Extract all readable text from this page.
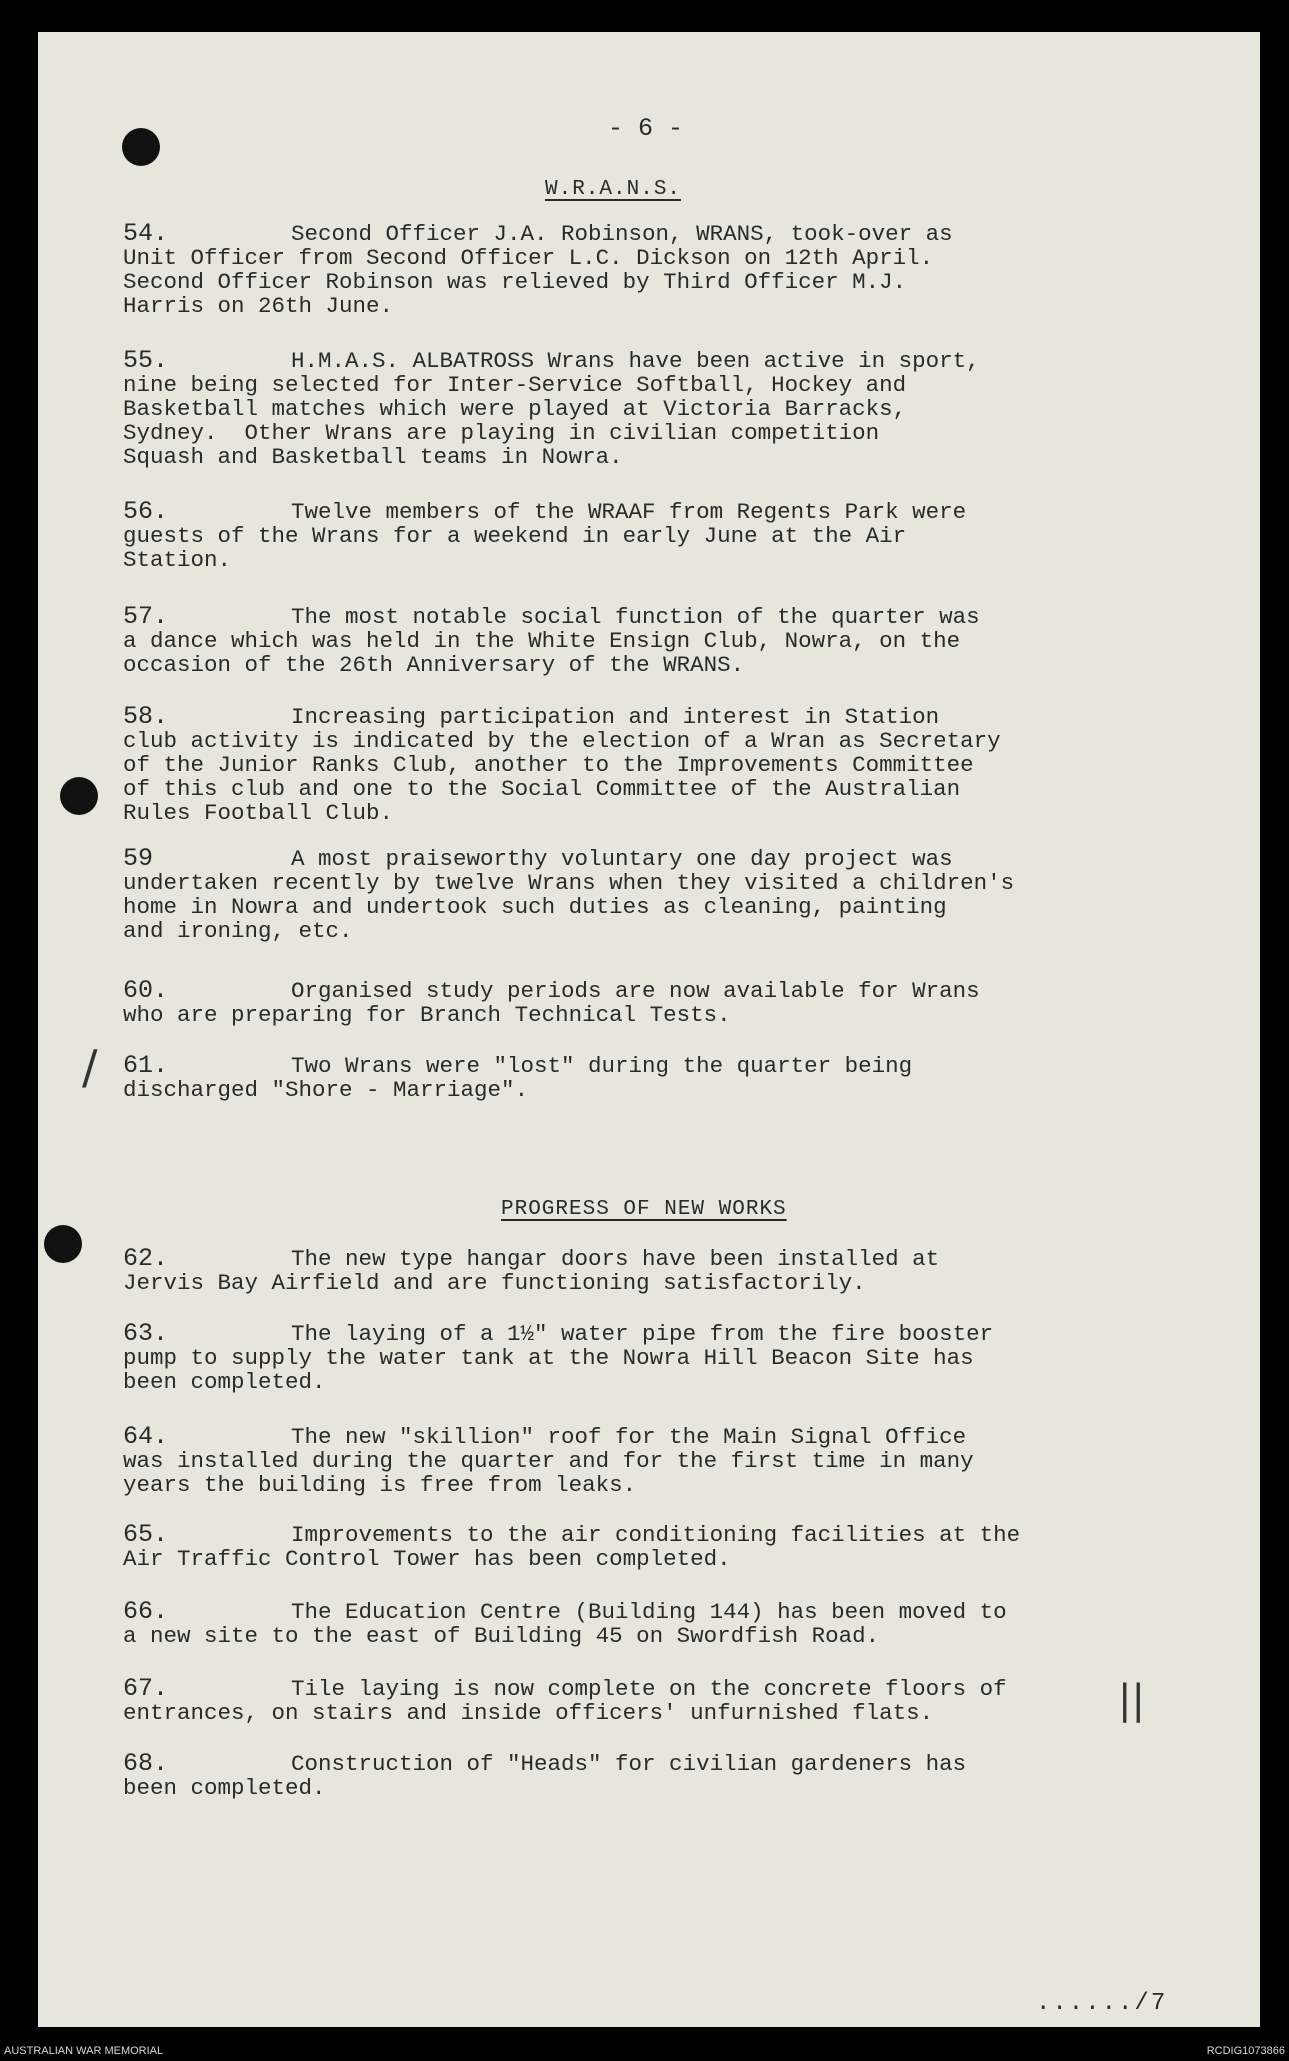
- 6 -
W.R.A.N.S.
54.	Second Officer J.A. Robinson, WRANS, took-over as
Unit Officer from Second Officer L.C. Dickson on 12th April.
Second Officer Robinson was relieved by Third Officer M.J.
Harris on 26th June.
55.	H.M.A.S. ALBATROSS Wrans have been active in sport,
nine being selected for Inter-Service Softball, Hockey and
Basketball matches which were played at Victoria Barracks,
Sydney.  Other Wrans are playing in civilian competition
Squash and Basketball teams in Nowra.
56.	Twelve members of the WRAAF from Regents Park were
guests of the Wrans for a weekend in early June at the Air
Station.
57.	The most notable social function of the quarter was
a dance which was held in the White Ensign Club, Nowra, on the
occasion of the 26th Anniversary of the WRANS.
58.	Increasing participation and interest in Station
club activity is indicated by the election of a Wran as Secretary
of the Junior Ranks Club, another to the Improvements Committee
of this club and one to the Social Committee of the Australian
Rules Football Club.
59	A most praiseworthy voluntary one day project was
undertaken recently by twelve Wrans when they visited a children's
home in Nowra and undertook such duties as cleaning, painting
and ironing, etc.
60.	Organised study periods are now available for Wrans
who are preparing for Branch Technical Tests.
61.	Two Wrans were "lost" during the quarter being
discharged "Shore - Marriage".
/
PROGRESS OF NEW WORKS
62.	The new type hangar doors have been installed at
Jervis Bay Airfield and are functioning satisfactorily.
63.	The laying of a 1½" water pipe from the fire booster
pump to supply the water tank at the Nowra Hill Beacon Site has
been completed.
64.	The new "skillion" roof for the Main Signal Office
was installed during the quarter and for the first time in many
years the building is free from leaks.
65.	Improvements to the air conditioning facilities at the
Air Traffic Control Tower has been completed.
66.	The Education Centre (Building 144) has been moved to
a new site to the east of Building 45 on Swordfish Road.
67.	Tile laying is now complete on the concrete floors of
entrances, on stairs and inside officers' unfurnished flats.
68.	Construction of "Heads" for civilian gardeners has
been completed.
||
....../7
AUSTRALIAN WAR MEMORIAL	RCDIG1073866
